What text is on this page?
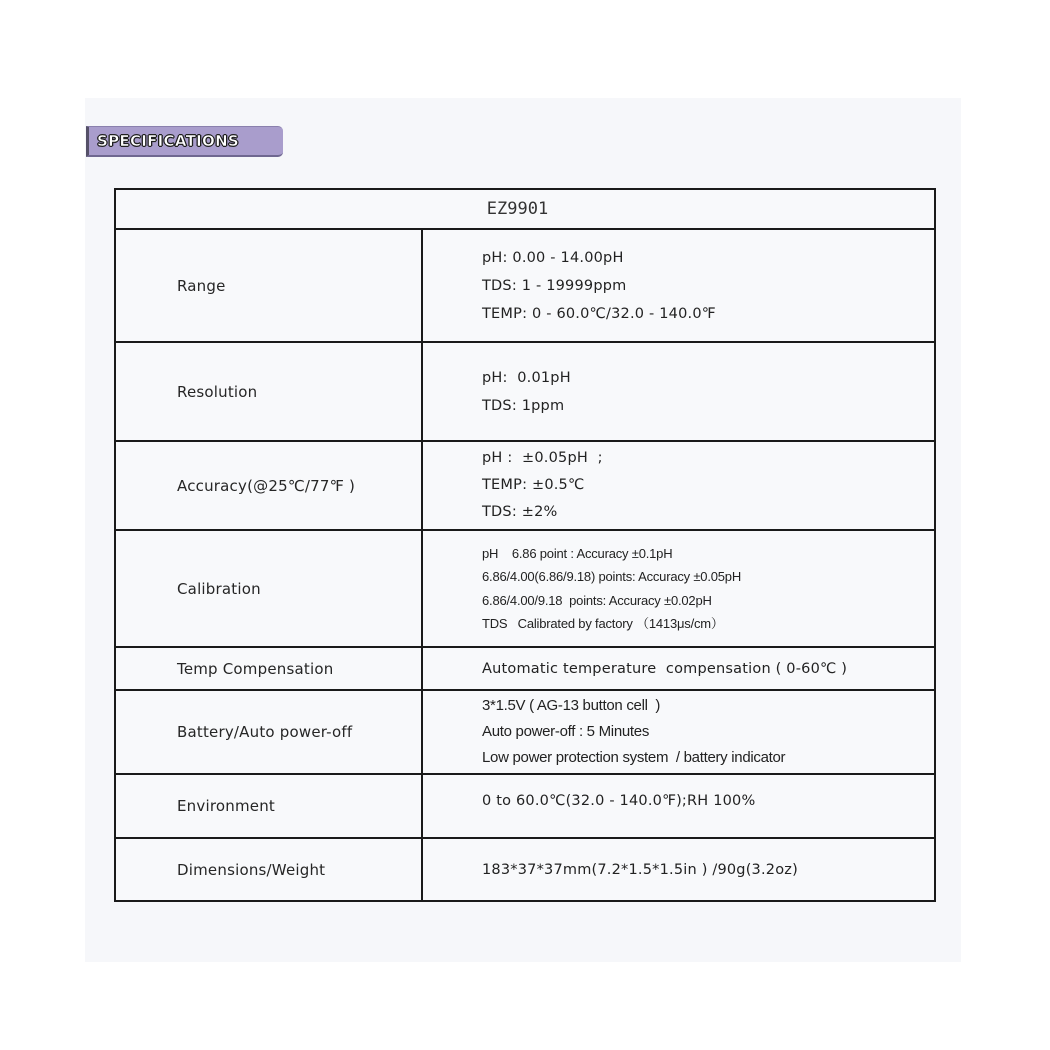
SPECIFICATIONS
EZ9901	
Range	pH: 0.00 - 14.00pH
TDS: 1 - 19999ppm
TEMP: 0 - 60.0℃/32.0 - 140.0℉

Resolution	pH:  0.01pH
TDS: 1ppm

Accuracy(@25℃/77℉ )	pH :  ±0.05pH  ;
TEMP: ±0.5℃
TDS: ±2%

Calibration	pH    6.86 point : Accuracy ±0.1pH
6.86/4.00(6.86/9.18) points: Accuracy ±0.05pH
6.86/4.00/9.18  points: Accuracy ±0.02pH
TDS   Calibrated by factory （1413μs/cm）

Temp Compensation	Automatic temperature  compensation ( 0-60℃ )

Battery/Auto power-off	3*1.5V ( AG-13 button cell  )
Auto power-off : 5 Minutes
Low power protection system  / battery indicator

Environment	0 to 60.0℃(32.0 - 140.0℉);RH 100%

Dimensions/Weight	183*37*37mm(7.2*1.5*1.5in ) /90g(3.2oz)
